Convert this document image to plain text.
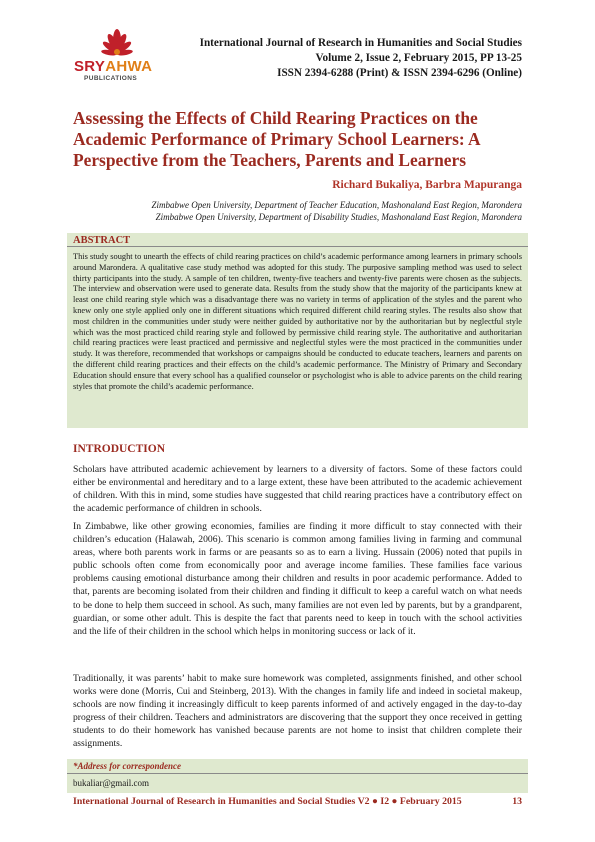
SRYAHWA
PUBLICATIONS
International Journal of Research in Humanities and Social Studies
Volume 2, Issue 2, February 2015, PP 13-25
ISSN 2394-6288 (Print) & ISSN 2394-6296 (Online)
Assessing the Effects of Child Rearing Practices on the Academic Performance of Primary School Learners: A Perspective from the Teachers, Parents and Learners
Richard Bukaliya, Barbra Mapuranga
Zimbabwe Open University, Department of Teacher Education, Mashonaland East Region, Marondera
Zimbabwe Open University, Department of Disability Studies, Mashonaland East Region, Marondera
ABSTRACT

This study sought to unearth the effects of child rearing practices on child’s academic performance among learners in primary schools around Marondera. A qualitative case study method was adopted for this study. The purposive sampling method was used to select thirty participants into the study. A sample of ten children, twenty-five teachers and twenty-five parents were chosen as the subjects. The interview and observation were used to generate data. Results from the study show that the majority of the participants knew at least one child rearing style which was a disadvantage there was no variety in terms of application of the styles and the parent who knew only one style applied only one in different situations which required different child rearing styles. The results also show that most children in the communities under study were neither guided by authoritative nor by the authoritarian but by neglectful style which was the most practiced child rearing style and followed by permissive child rearing style. The authoritative and authoritarian child rearing practices were least practiced and permissive and neglectful styles were the most practiced in the communities under study. It was therefore, recommended that workshops or campaigns should be conducted to educate teachers, learners and parents on the different child rearing practices and their effects on the child’s academic performance. The Ministry of Primary and Secondary Education should ensure that every school has a qualified counselor or psychologist who is able to advice parents on the child rearing styles that promote the child’s academic performance.

INTRODUCTION

Scholars have attributed academic achievement by learners to a diversity of factors. Some of these factors could either be environmental and hereditary and to a large extent, these have been attributed to the academic achievement of children. With this in mind, some studies have suggested that child rearing practices have a contributory effect on the academic performance of children in schools.

In Zimbabwe, like other growing economies, families are finding it more difficult to stay connected with their children’s education (Halawah, 2006). This scenario is common among families living in farming and communal areas, where both parents work in farms or are peasants so as to earn a living. Hussain (2006) noted that pupils in public schools often come from economically poor and average income families. These families face various problems causing emotional disturbance among their children and results in poor academic performance. Added to that, parents are becoming isolated from their children and finding it difficult to keep a careful watch on what needs to be done to help them succeed in school. As such, many families are not even led by parents, but by a grandparent, guardian, or some other adult. This is despite the fact that parents need to keep in touch with the school activities and the life of their children in the school which helps in monitoring success or lack of it.

Traditionally, it was parents’ habit to make sure homework was completed, assignments finished, and other school works were done (Morris, Cui and Steinberg, 2013). With the changes in family life and indeed in societal makeup, schools are now finding it increasingly difficult to keep parents informed of and actively engaged in the day-to-day progress of their children. Teachers and administrators are discovering that the support they once received in getting students to do their homework has vanished because parents are not home to insist that children complete their assignments.

*Address for correspondence
bukaliar@gmail.com
International Journal of Research in Humanities and Social Studies V2 ● I2 ● February 2015	13
